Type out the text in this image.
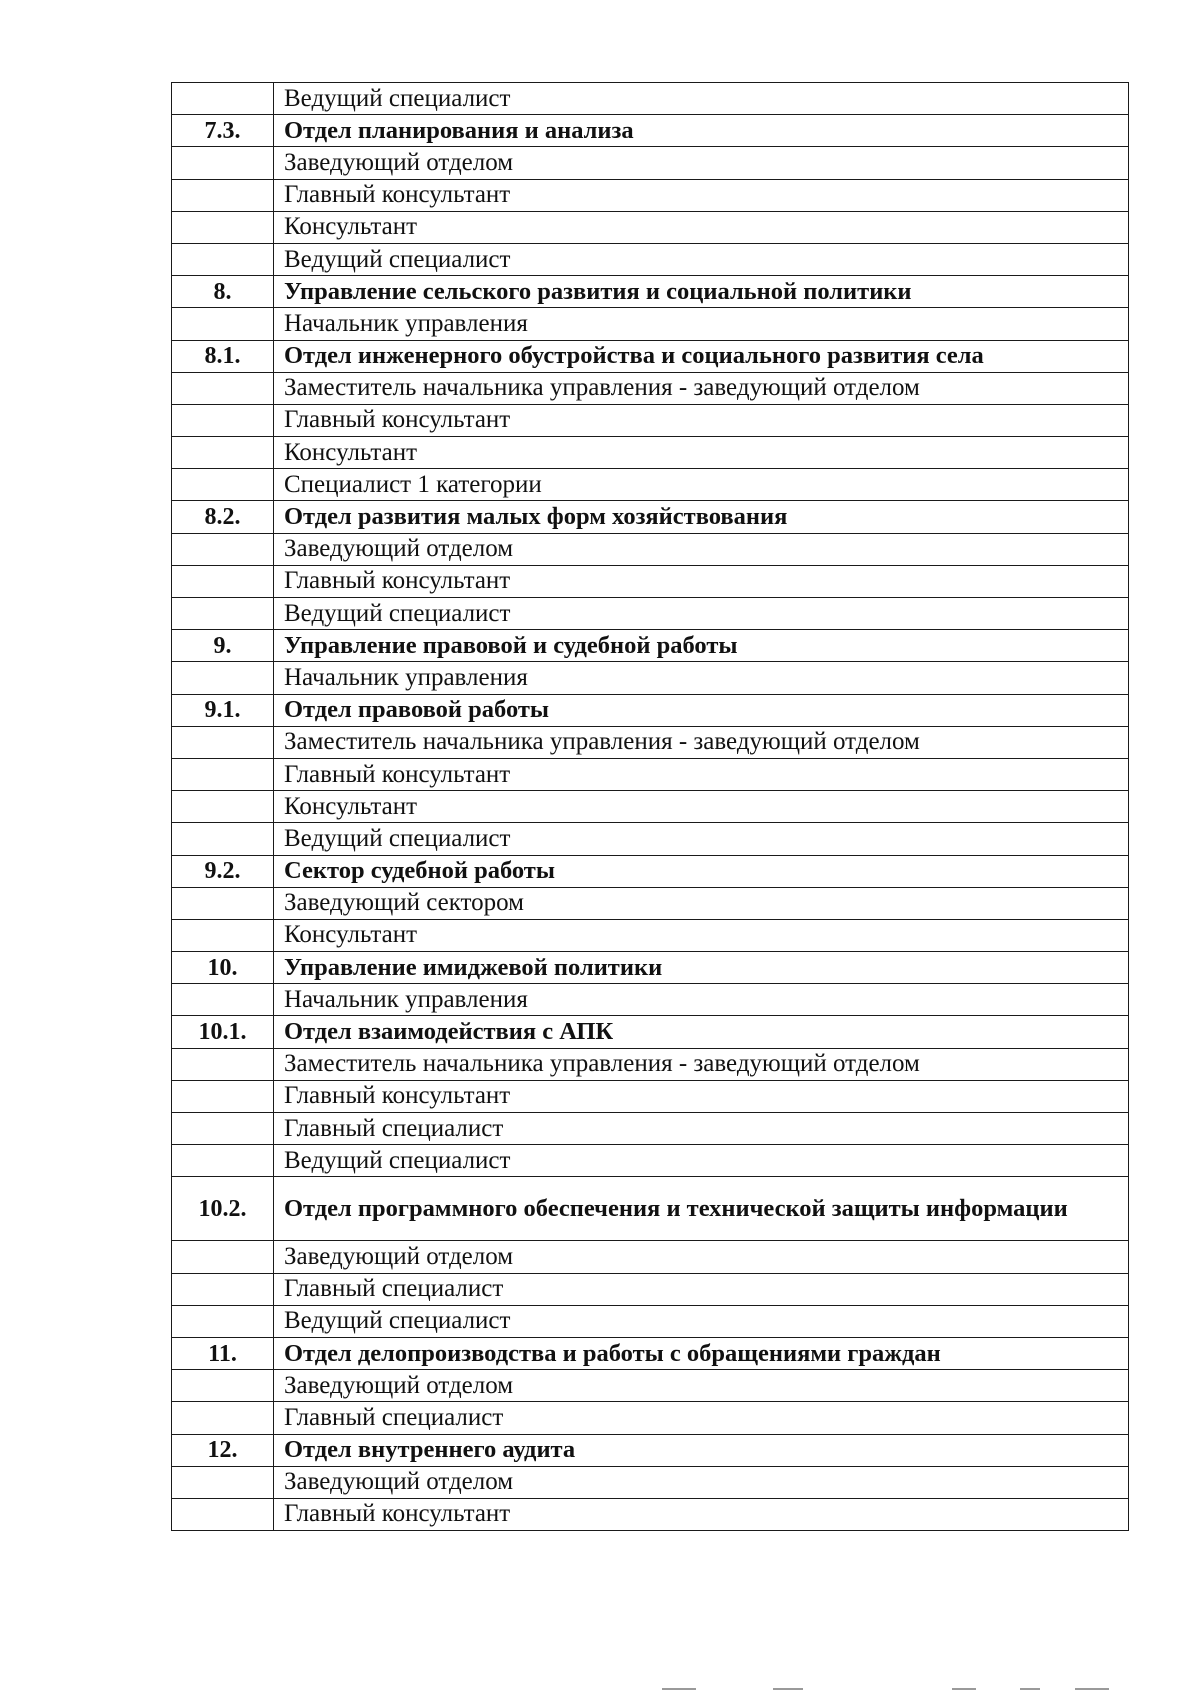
	Ведущий специалист
7.3.	Отдел планирования и анализа
	Заведующий отделом
	Главный консультант
	Консультант
	Ведущий специалист
8.	Управление сельского развития и социальной политики
	Начальник управления
8.1.	Отдел инженерного обустройства и социального развития села
	Заместитель начальника управления - заведующий отделом
	Главный консультант
	Консультант
	Специалист 1 категории
8.2.	Отдел развития малых форм хозяйствования
	Заведующий отделом
	Главный консультант
	Ведущий специалист
9.	Управление правовой и судебной работы
	Начальник управления
9.1.	Отдел правовой работы
	Заместитель начальника управления - заведующий отделом
	Главный консультант
	Консультант
	Ведущий специалист
9.2.	Сектор судебной работы
	Заведующий сектором
	Консультант
10.	Управление имиджевой политики
	Начальник управления
10.1.	Отдел взаимодействия с АПК
	Заместитель начальника управления - заведующий отделом
	Главный консультант
	Главный специалист
	Ведущий специалист
10.2.	Отдел программного обеспечения и технической защиты информации
	Заведующий отделом
	Главный специалист
	Ведущий специалист
11.	Отдел делопроизводства и работы с обращениями граждан
	Заведующий отделом
	Главный специалист
12.	Отдел внутреннего аудита
	Заведующий отделом
	Главный консультант
